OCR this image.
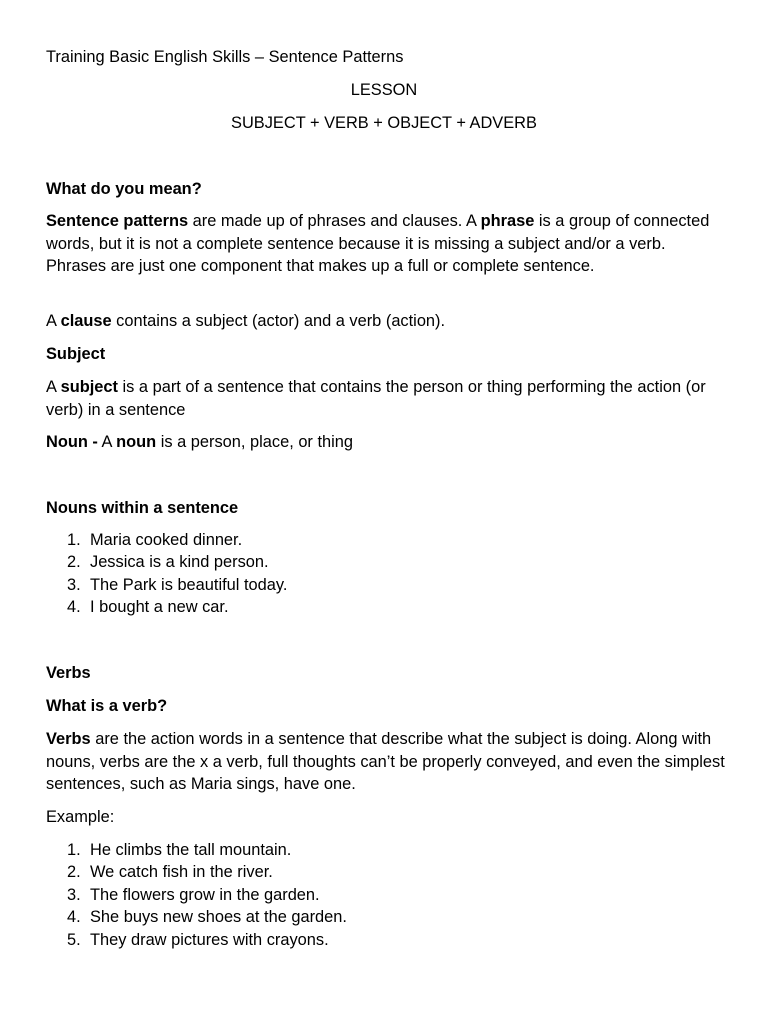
Training Basic English Skills – Sentence Patterns

LESSON

SUBJECT + VERB + OBJECT + ADVERB

What do you mean?

Sentence patterns are made up of phrases and clauses. A phrase is a group of connected words, but it is not a complete sentence because it is missing a subject and/or a verb. Phrases are just one component that makes up a full or complete sentence.

A clause contains a subject (actor) and a verb (action).

Subject

A subject is a part of a sentence that contains the person or thing performing the action (or verb) in a sentence

Noun - A noun is a person, place, or thing

Nouns within a sentence

1. Maria cooked dinner.
2. Jessica is a kind person.
3. The Park is beautiful today.
4. I bought a new car.

Verbs

What is a verb?

Verbs are the action words in a sentence that describe what the subject is doing. Along with nouns, verbs are the x a verb, full thoughts can’t be properly conveyed, and even the simplest sentences, such as Maria sings, have one.

Example:

1. He climbs the tall mountain.
2. We catch fish in the river.
3. The flowers grow in the garden.
4. She buys new shoes at the garden.
5. They draw pictures with crayons.
